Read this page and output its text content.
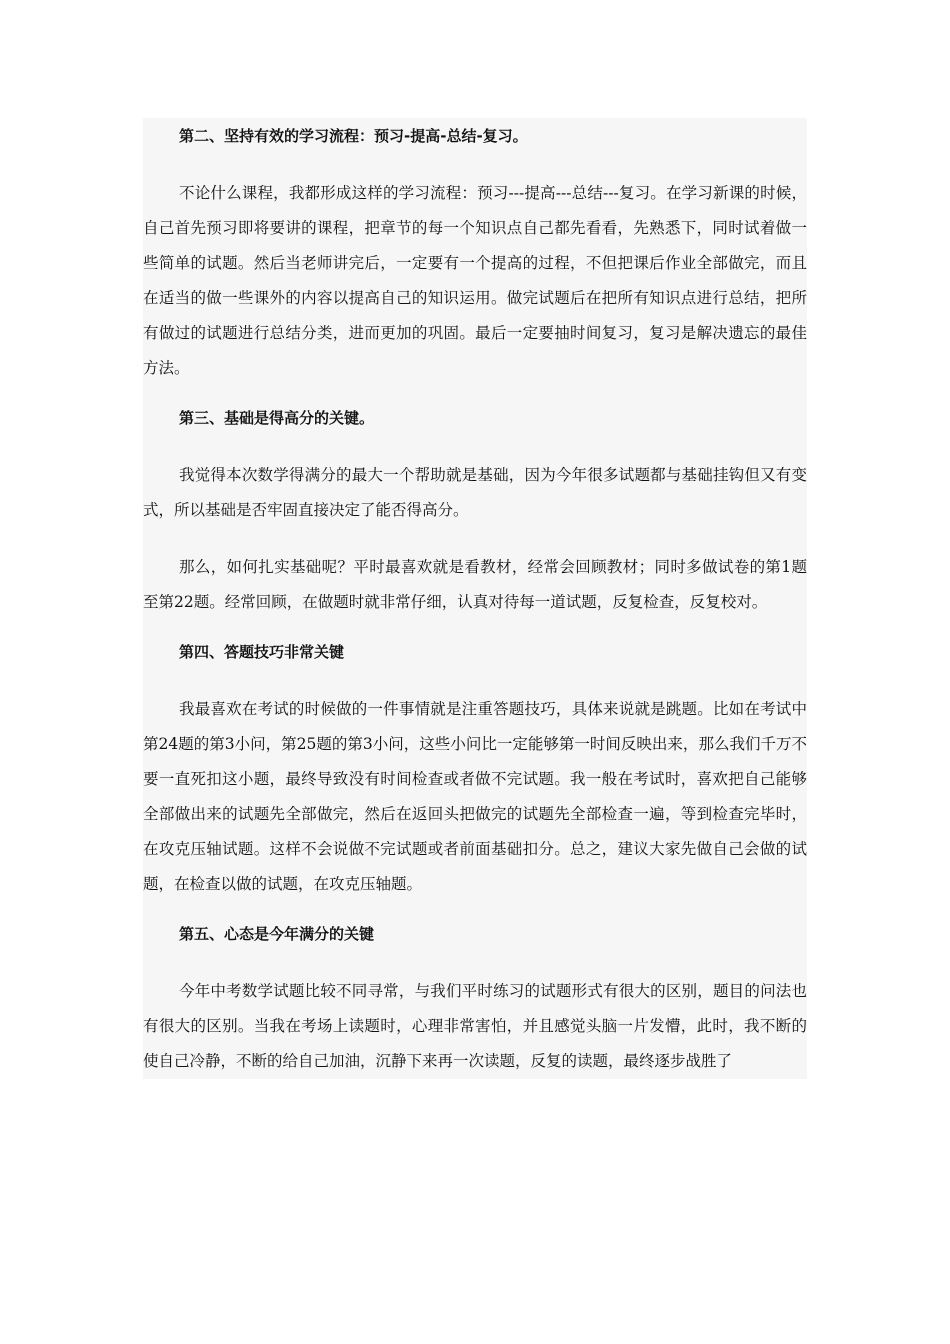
第二、坚持有效的学习流程：预习-提高-总结-复习。

不论什么课程，我都形成这样的学习流程：预习---提高---总结---复习。在学习新课的时候，自己首先预习即将要讲的课程，把章节的每一个知识点自己都先看看，先熟悉下，同时试着做一些简单的试题。然后当老师讲完后，一定要有一个提高的过程，不但把课后作业全部做完，而且在适当的做一些课外的内容以提高自己的知识运用。做完试题后在把所有知识点进行总结，把所有做过的试题进行总结分类，进而更加的巩固。最后一定要抽时间复习，复习是解决遗忘的最佳方法。

第三、基础是得高分的关键。

我觉得本次数学得满分的最大一个帮助就是基础，因为今年很多试题都与基础挂钩但又有变式，所以基础是否牢固直接决定了能否得高分。

那么，如何扎实基础呢？平时最喜欢就是看教材，经常会回顾教材；同时多做试卷的第1题至第22题。经常回顾，在做题时就非常仔细，认真对待每一道试题，反复检查，反复校对。

第四、答题技巧非常关键

我最喜欢在考试的时候做的一件事情就是注重答题技巧，具体来说就是跳题。比如在考试中第24题的第3小问，第25题的第3小问，这些小问比一定能够第一时间反映出来，那么我们千万不要一直死扣这小题，最终导致没有时间检查或者做不完试题。我一般在考试时，喜欢把自己能够全部做出来的试题先全部做完，然后在返回头把做完的试题先全部检查一遍，等到检查完毕时，在攻克压轴试题。这样不会说做不完试题或者前面基础扣分。总之，建议大家先做自己会做的试题，在检查以做的试题，在攻克压轴题。

第五、心态是今年满分的关键

今年中考数学试题比较不同寻常，与我们平时练习的试题形式有很大的区别，题目的问法也有很大的区别。当我在考场上读题时，心理非常害怕，并且感觉头脑一片发懵，此时，我不断的使自己冷静，不断的给自己加油，沉静下来再一次读题，反复的读题，最终逐步战胜了
